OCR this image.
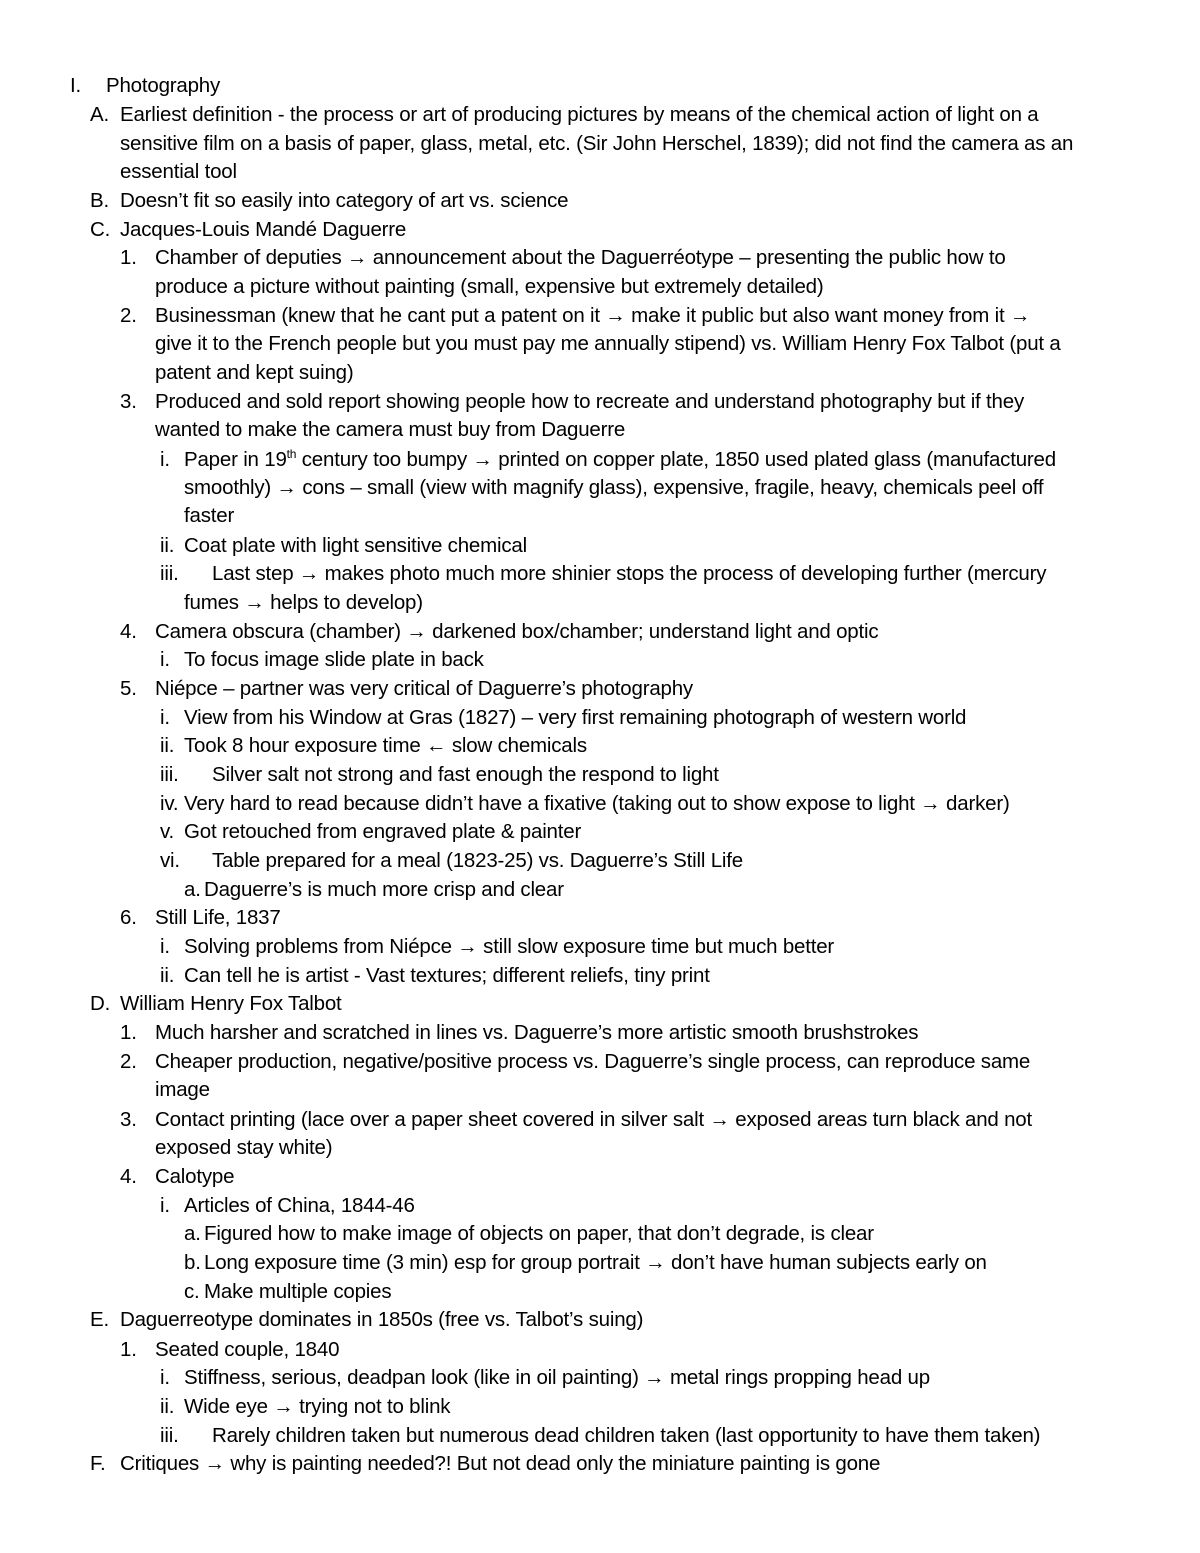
I. Photography
A. Earliest definition - the process or art of producing pictures by means of the chemical action of light on a
sensitive film on a basis of paper, glass, metal, etc. (Sir John Herschel, 1839); did not find the camera as an
essential tool
B. Doesn’t fit so easily into category of art vs. science
C. Jacques-Louis Mandé Daguerre
1. Chamber of deputies → announcement about the Daguerréotype – presenting the public how to
produce a picture without painting (small, expensive but extremely detailed)
2. Businessman (knew that he cant put a patent on it → make it public but also want money from it →
give it to the French people but you must pay me annually stipend) vs. William Henry Fox Talbot (put a
patent and kept suing)
3. Produced and sold report showing people how to recreate and understand photography but if they
wanted to make the camera must buy from Daguerre
i. Paper in 19th century too bumpy → printed on copper plate, 1850 used plated glass (manufactured
smoothly) → cons – small (view with magnify glass), expensive, fragile, heavy, chemicals peel off
faster
ii. Coat plate with light sensitive chemical
iii. Last step → makes photo much more shinier stops the process of developing further (mercury
fumes → helps to develop)
4. Camera obscura (chamber) → darkened box/chamber; understand light and optic
i. To focus image slide plate in back
5. Niépce – partner was very critical of Daguerre’s photography
i. View from his Window at Gras (1827) – very first remaining photograph of western world
ii. Took 8 hour exposure time ← slow chemicals
iii. Silver salt not strong and fast enough the respond to light
iv. Very hard to read because didn’t have a fixative (taking out to show expose to light → darker)
v. Got retouched from engraved plate & painter
vi. Table prepared for a meal (1823-25) vs. Daguerre’s Still Life
a. Daguerre’s is much more crisp and clear
6. Still Life, 1837
i. Solving problems from Niépce → still slow exposure time but much better
ii. Can tell he is artist - Vast textures; different reliefs, tiny print
D. William Henry Fox Talbot
1. Much harsher and scratched in lines vs. Daguerre’s more artistic smooth brushstrokes
2. Cheaper production, negative/positive process vs. Daguerre’s single process, can reproduce same
image
3. Contact printing (lace over a paper sheet covered in silver salt → exposed areas turn black and not
exposed stay white)
4. Calotype
i. Articles of China, 1844-46
a. Figured how to make image of objects on paper, that don’t degrade, is clear
b. Long exposure time (3 min) esp for group portrait → don’t have human subjects early on
c. Make multiple copies
E. Daguerreotype dominates in 1850s (free vs. Talbot’s suing)
1. Seated couple, 1840
i. Stiffness, serious, deadpan look (like in oil painting) → metal rings propping head up
ii. Wide eye → trying not to blink
iii. Rarely children taken but numerous dead children taken (last opportunity to have them taken)
F. Critiques → why is painting needed?! But not dead only the miniature painting is gone
